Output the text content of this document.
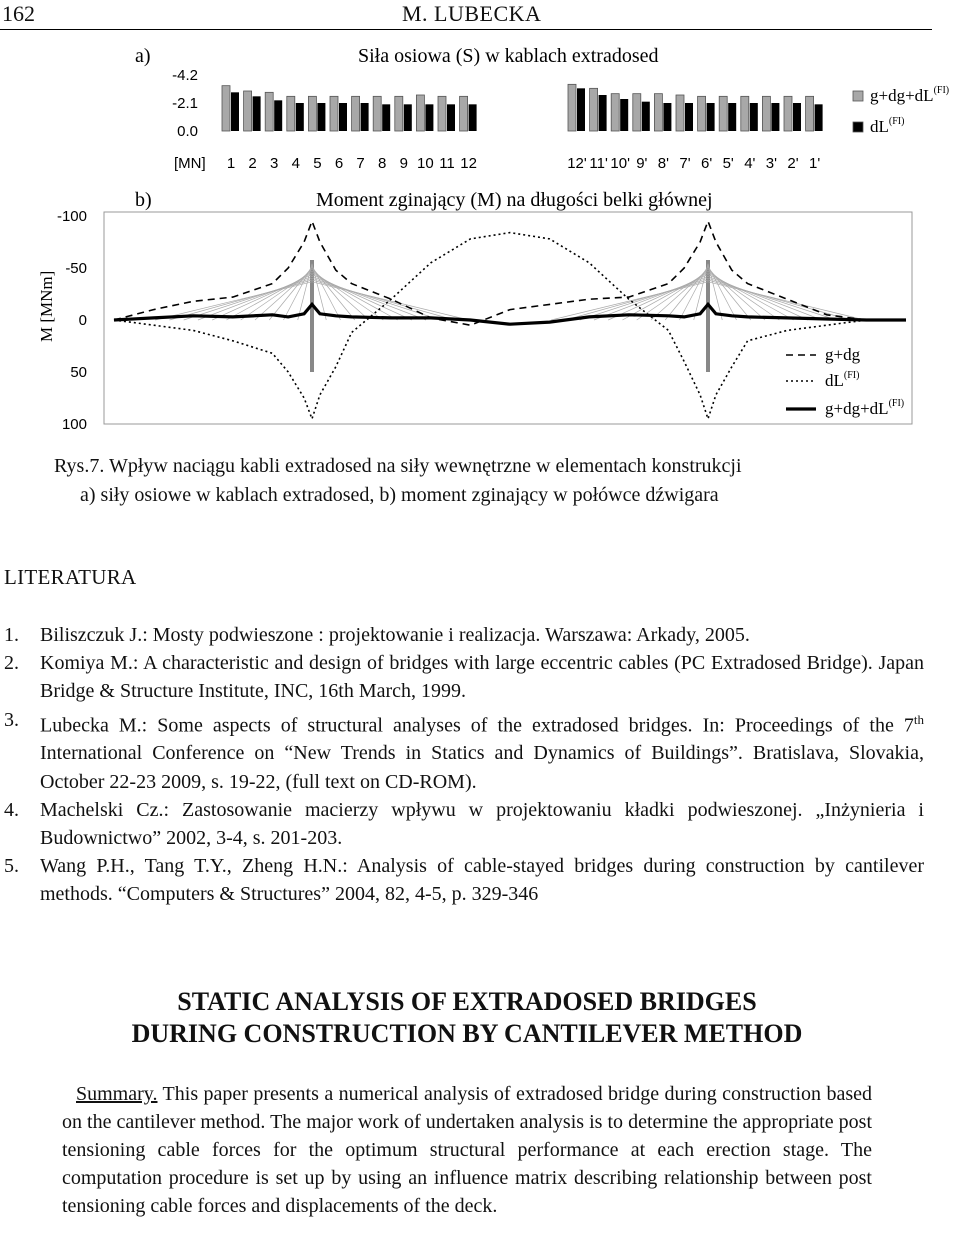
162	M. LUBECKA
a)	Siła osiowa (S) w kablach extradosed
-4.2
-2.1
0.0
1 2 3 4 5 6 7 8 9 10 11 12	12' 11' 10' 9' 8' 7' 6' 5' 4' 3' 2' 1'
[MN]
$g+dg+dL^{(FI)}$
$dL^{(FI)}$
b)	Moment zginający (M) na długości belki głównej
M [MNm]
-100
-50
0
50
100
g+dg
$dL^{(FI)}$
$g+dg+dL^{(FI)}$
Rys.7. Wpływ naciągu kabli extradosed na siły wewnętrzne w elementach konstrukcji
a) siły osiowe w kablach extradosed, b) moment zginający w połówce dźwigara
LITERATURA
1.	Biliszczuk J.: Mosty podwieszone : projektowanie i realizacja. Warszawa: Arkady, 2005.
2.	Komiya M.: A characteristic and design of bridges with large eccentric cables (PC Extradosed Bridge). Japan Bridge & Structure Institute, INC, 16th March, 1999.
3.	Lubecka M.: Some aspects of structural analyses of the extradosed bridges. In: Proceedings of the 7th International Conference on “New Trends in Statics and Dynamics of Buildings”. Bratislava, Slovakia, October 22-23 2009, s. 19-22, (full text on CD-ROM).
4.	Machelski Cz.: Zastosowanie macierzy wpływu w projektowaniu kładki podwieszonej. „Inżynieria i Budownictwo” 2002, 3-4, s. 201-203.
5.	Wang P.H., Tang T.Y., Zheng H.N.: Analysis of cable-stayed bridges during construction by cantilever methods. “Computers & Structures” 2004, 82, 4-5, p. 329-346
STATIC ANALYSIS OF EXTRADOSED BRIDGES
DURING CONSTRUCTION BY CANTILEVER METHOD
Summary. This paper presents a numerical analysis of extradosed bridge during construction based on the cantilever method. The major work of undertaken analysis is to determine the appropriate post tensioning cable forces for the optimum structural performance at each erection stage. The computation procedure is set up by using an influence matrix describing relationship between post tensioning cable forces and displacements of the deck.
